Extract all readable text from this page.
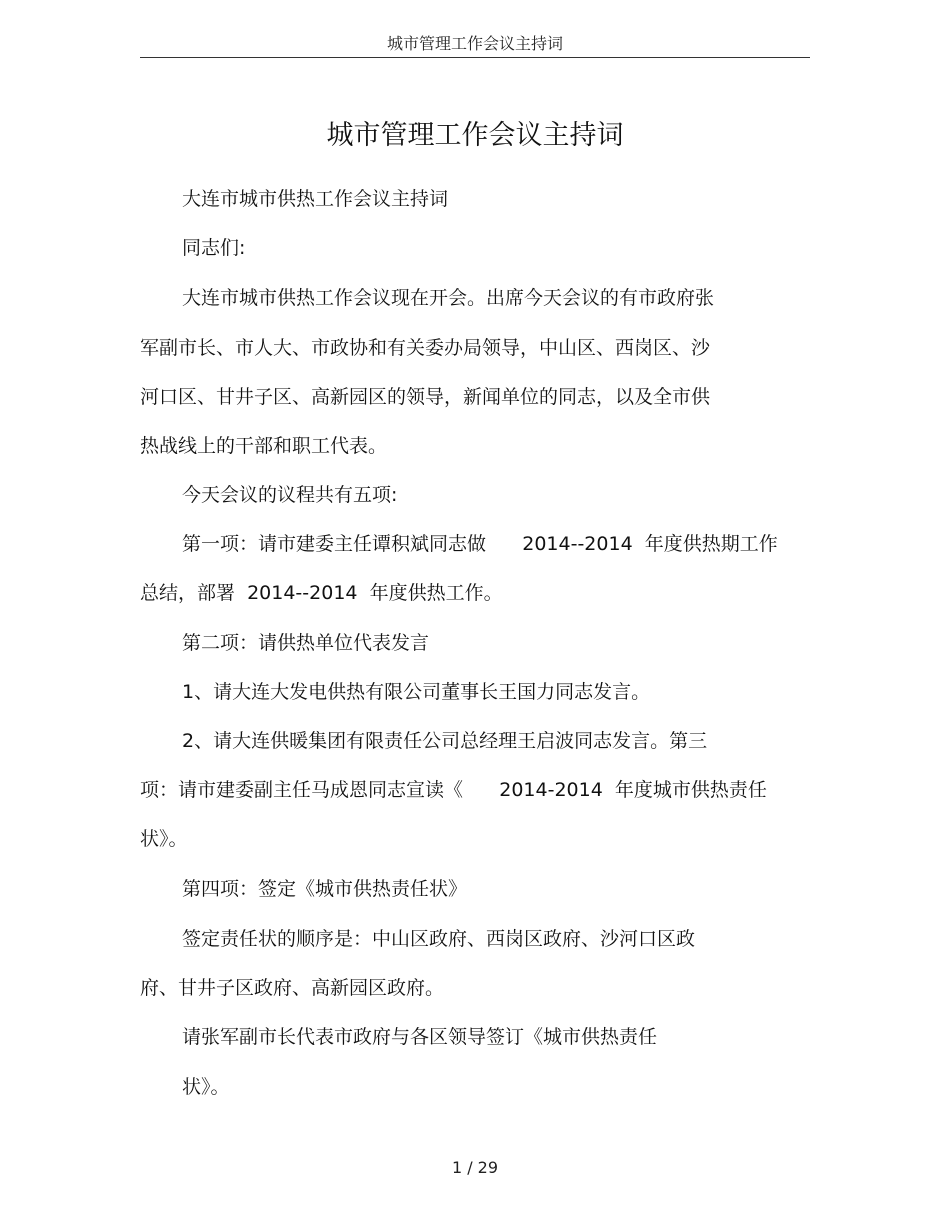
城市管理工作会议主持词
城市管理工作会议主持词
大连市城市供热工作会议主持词
同志们:
大连市城市供热工作会议现在开会。出席今天会议的有市政府张
军副市长、市人大、市政协和有关委办局领导，中山区、西岗区、沙
河口区、甘井子区、高新园区的领导，新闻单位的同志，以及全市供
热战线上的干部和职工代表。
今天会议的议程共有五项:
第一项：请市建委主任谭积斌同志做      2014--2014  年度供热期工作
总结，部署  2014--2014  年度供热工作。
第二项：请供热单位代表发言
1、请大连大发电供热有限公司董事长王国力同志发言。
2、请大连供暖集团有限责任公司总经理王启波同志发言。第三
项：请市建委副主任马成恩同志宣读《      2014-2014  年度城市供热责任
状》。
第四项：签定《城市供热责任状》
签定责任状的顺序是：中山区政府、西岗区政府、沙河口区政
府、甘井子区政府、高新园区政府。
请张军副市长代表市政府与各区领导签订《城市供热责任
状》。
1 / 29
